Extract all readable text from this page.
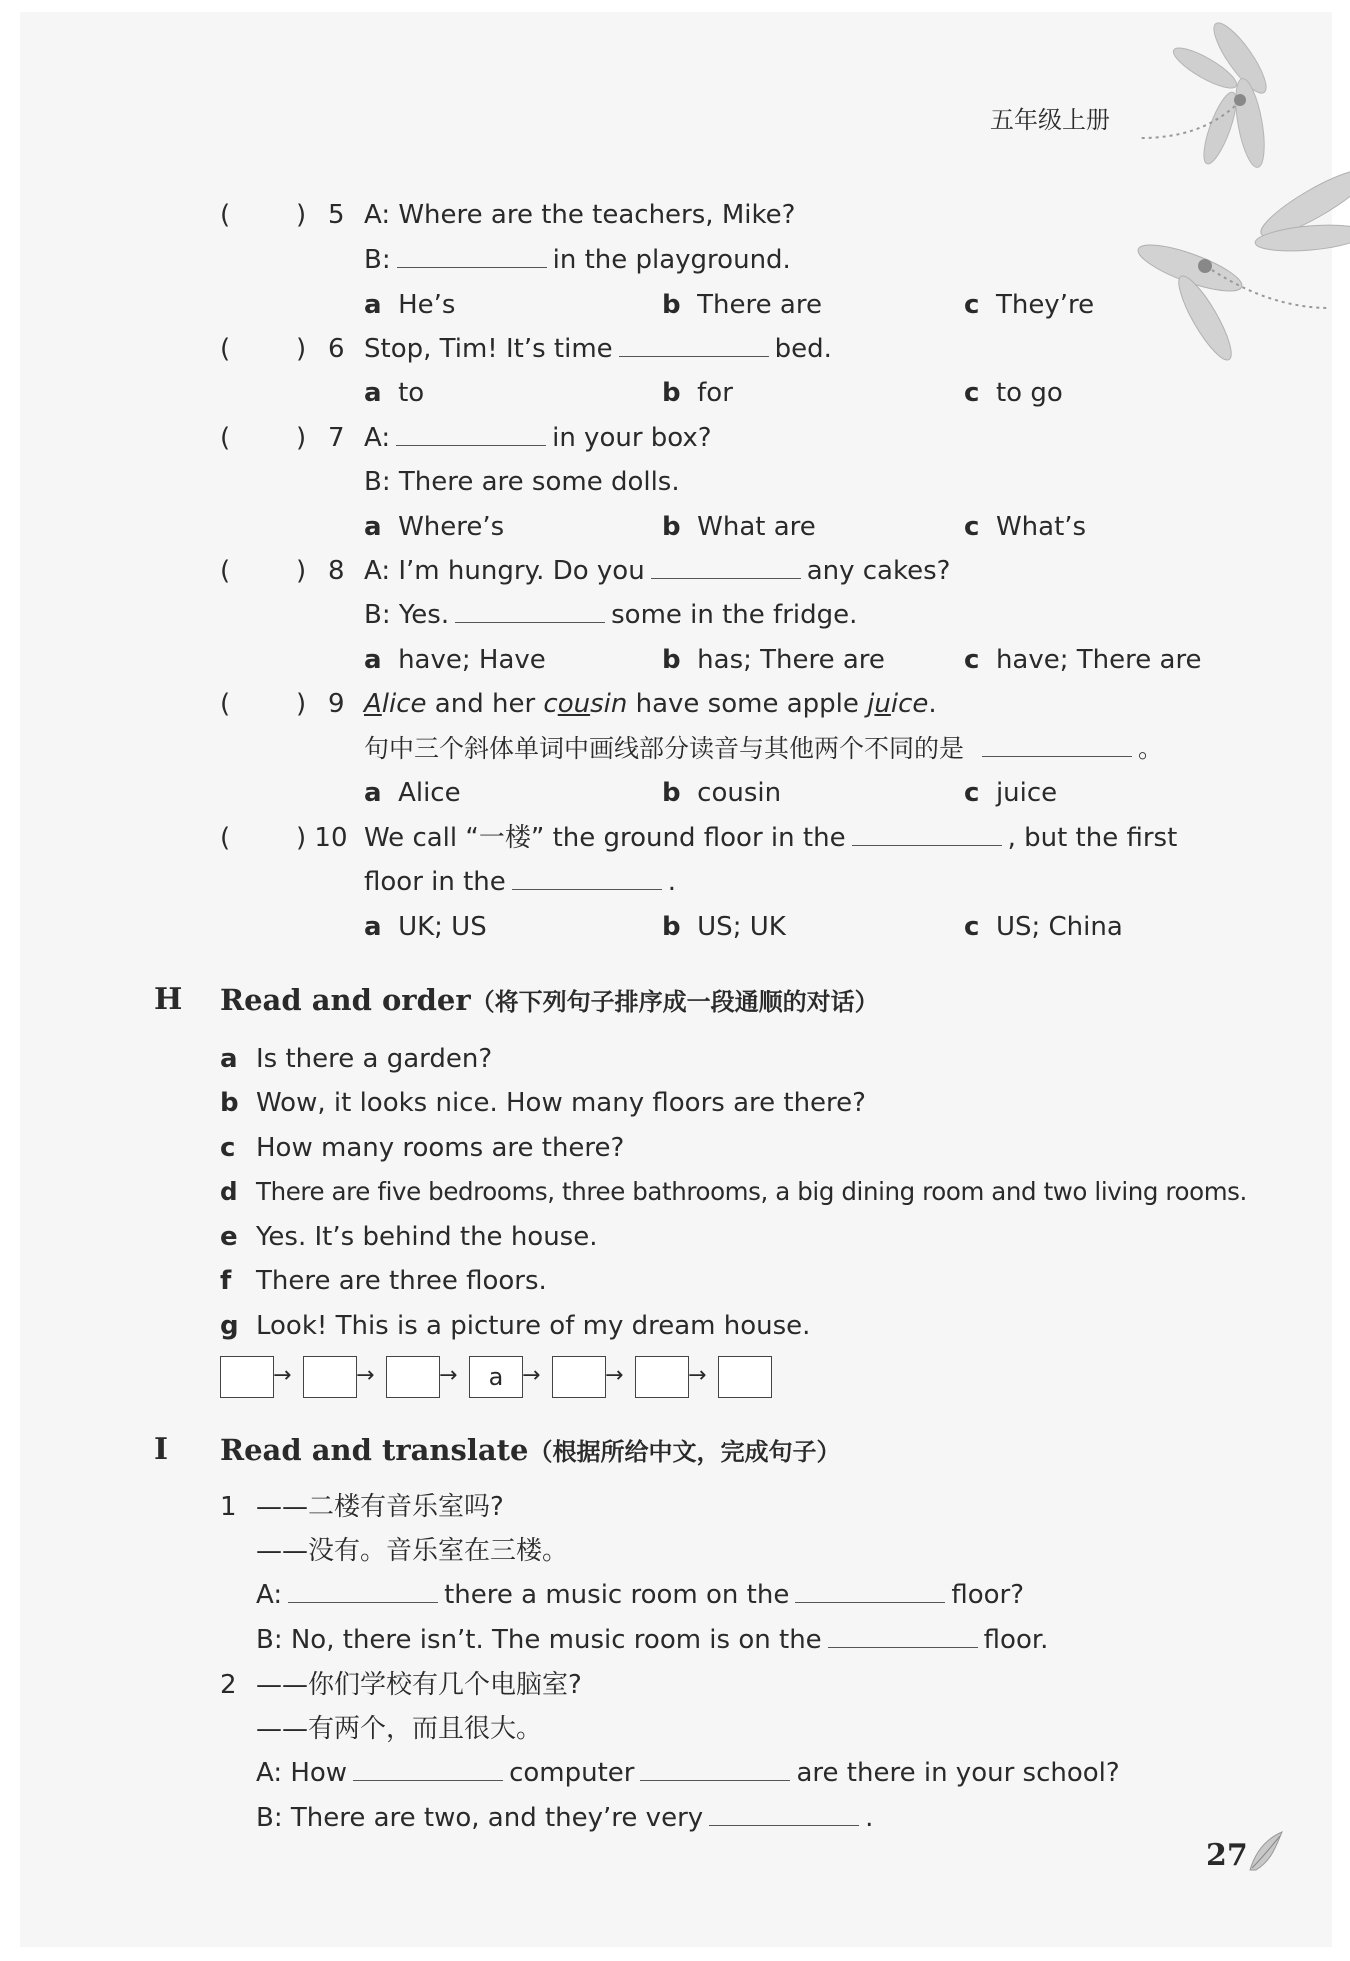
五年级上册
(	) 5 A: Where are the teachers, Mike?
B:	in the playground.
a He’s	b There are	c They’re
(	) 6 Stop, Tim! It’s time	bed.
a to	b for	c to go
(	) 7 A:	in your box?
B: There are some dolls.
a Where’s	b What are	c What’s
(	) 8 A: I’m hungry. Do you	any cakes?
B: Yes.	some in the fridge.
a have; Have	b has; There are	c have; There are
(	) 9 Alice and her cousin have some apple juice.
句中三个斜体单词中画线部分读音与其他两个不同的是	。
a Alice	b cousin	c juice
(	) 10 We call “一楼” the ground floor in the	, but the first
floor in the	.
a UK; US	b US; UK	c US; China
H Read and order（将下列句子排序成一段通顺的对话）
a Is there a garden?
b Wow, it looks nice. How many floors are there?
c How many rooms are there?
d There are five bedrooms, three bathrooms, a big dining room and two living rooms.
e Yes. It’s behind the house.
f There are three floors.
g Look! This is a picture of my dream house.
→	→	→	a →	→	→
I Read and translate（根据所给中文，完成句子）
1 ——二楼有音乐室吗?
——没有。音乐室在三楼。
A:	there a music room on the	floor?
B: No, there isn’t. The music room is on the	floor.
2 ——你们学校有几个电脑室?
——有两个，而且很大。
A: How	computer	are there in your school?
B: There are two, and they’re very	.
27
